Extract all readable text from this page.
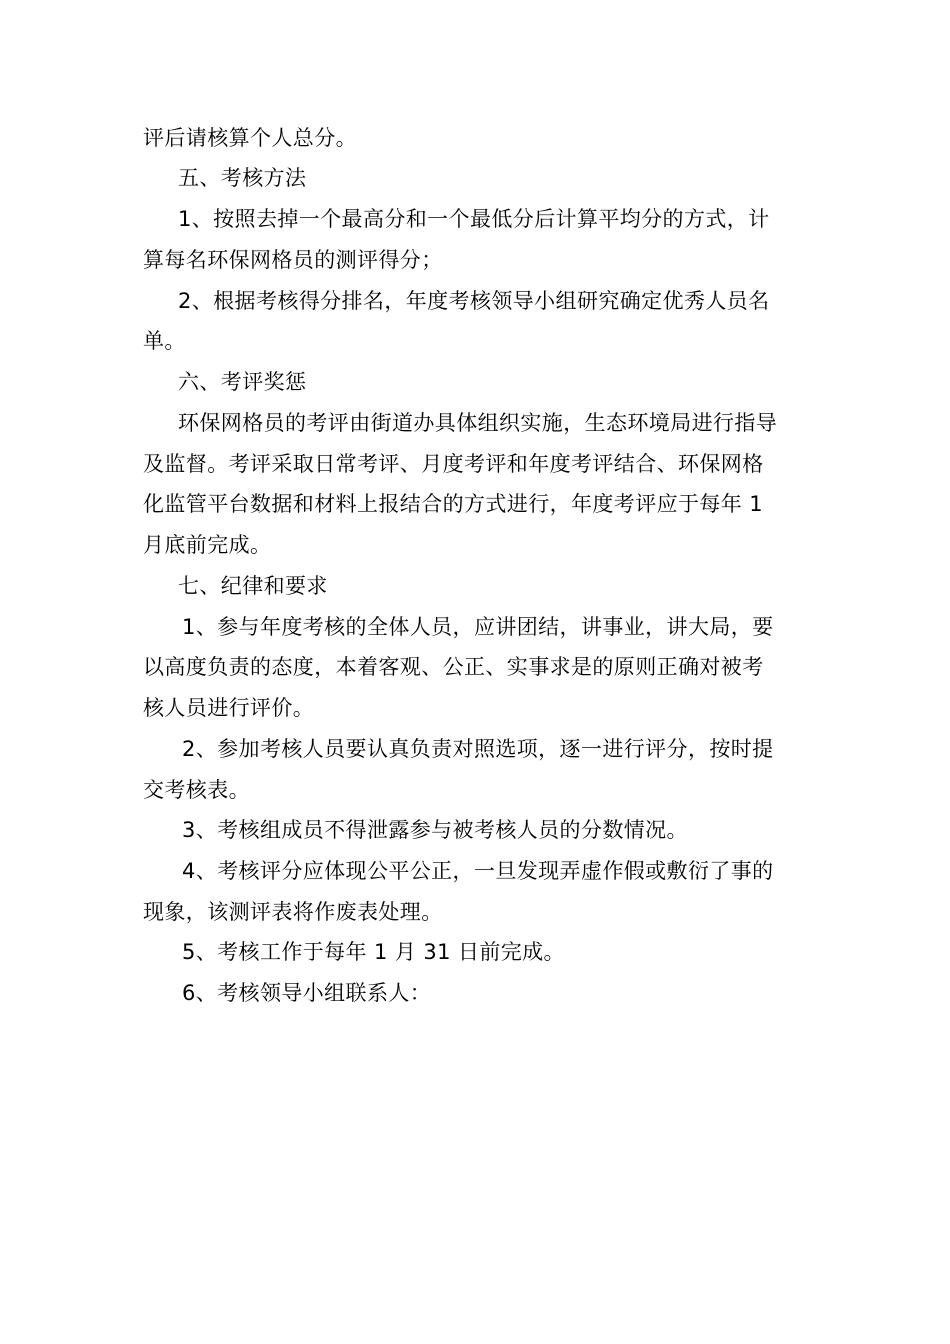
评后请核算个人总分。
五、考核方法
1、按照去掉一个最高分和一个最低分后计算平均分的方式，计
算每名环保网格员的测评得分；
2、根据考核得分排名，年度考核领导小组研究确定优秀人员名
单。
六、考评奖惩
环保网格员的考评由街道办具体组织实施，生态环境局进行指导
及监督。考评采取日常考评、月度考评和年度考评结合、环保网格
化监管平台数据和材料上报结合的方式进行，年度考评应于每年 1
月底前完成。
七、纪律和要求
1、参与年度考核的全体人员，应讲团结，讲事业，讲大局，要
以高度负责的态度，本着客观、公正、实事求是的原则正确对被考
核人员进行评价。
2、参加考核人员要认真负责对照选项，逐一进行评分，按时提
交考核表。
3、考核组成员不得泄露参与被考核人员的分数情况。
4、考核评分应体现公平公正，一旦发现弄虚作假或敷衍了事的
现象，该测评表将作废表处理。
5、考核工作于每年 1 月 31 日前完成。
6、考核领导小组联系人：
